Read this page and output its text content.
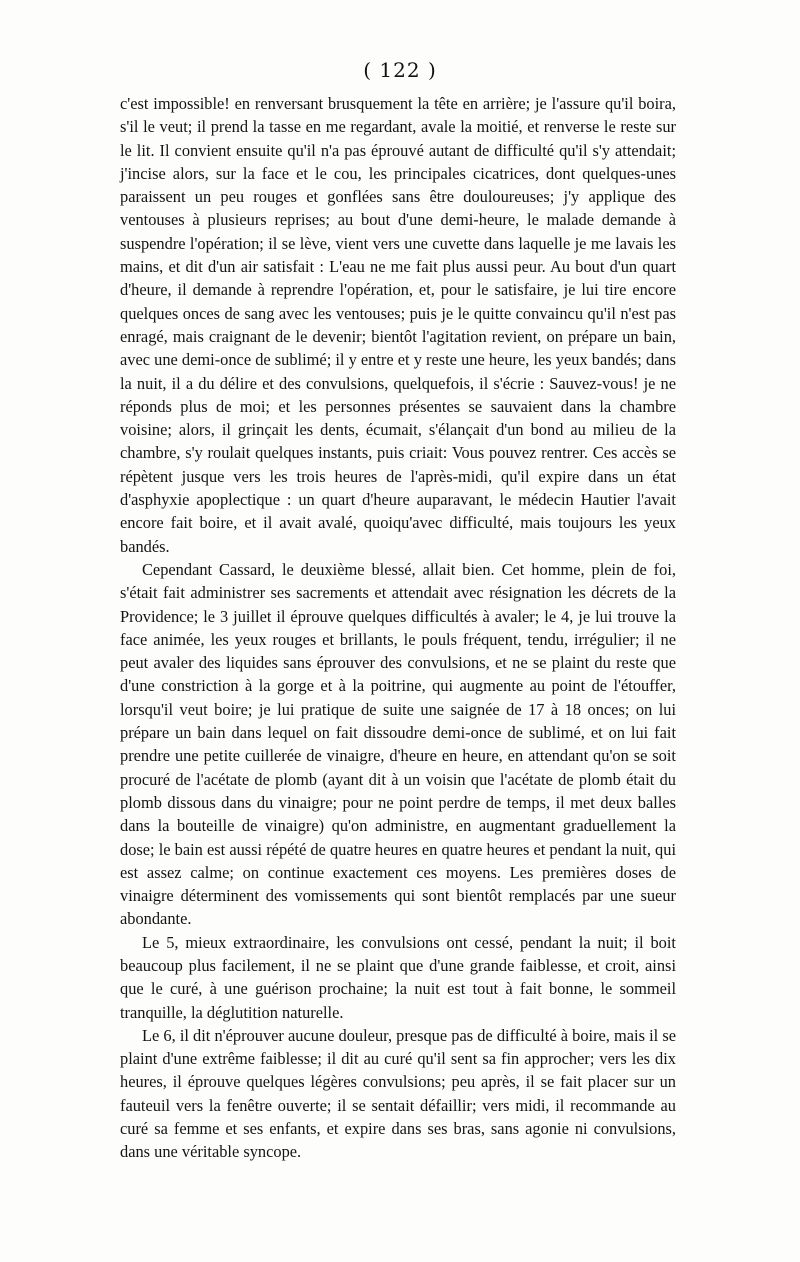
( 122 )

c'est impossible! en renversant brusquement la tête en arrière; je l'assure qu'il boira, s'il le veut; il prend la tasse en me regardant, avale la moitié, et renverse le reste sur le lit. Il convient ensuite qu'il n'a pas éprouvé autant de difficulté qu'il s'y attendait; j'incise alors, sur la face et le cou, les principales cicatrices, dont quelques-unes paraissent un peu rouges et gonflées sans être douloureuses; j'y applique des ventouses à plusieurs reprises; au bout d'une demi-heure, le malade demande à suspendre l'opération; il se lève, vient vers une cuvette dans laquelle je me lavais les mains, et dit d'un air satisfait : L'eau ne me fait plus aussi peur. Au bout d'un quart d'heure, il demande à reprendre l'opération, et, pour le satisfaire, je lui tire encore quelques onces de sang avec les ventouses; puis je le quitte convaincu qu'il n'est pas enragé, mais craignant de le devenir; bientôt l'agitation revient, on prépare un bain, avec une demi-once de sublimé; il y entre et y reste une heure, les yeux bandés; dans la nuit, il a du délire et des convulsions, quelquefois, il s'écrie : Sauvez-vous! je ne réponds plus de moi; et les personnes présentes se sauvaient dans la chambre voisine; alors, il grinçait les dents, écumait, s'élançait d'un bond au milieu de la chambre, s'y roulait quelques instants, puis criait: Vous pouvez rentrer. Ces accès se répètent jusque vers les trois heures de l'après-midi, qu'il expire dans un état d'asphyxie apoplectique : un quart d'heure auparavant, le médecin Hautier l'avait encore fait boire, et il avait avalé, quoiqu'avec difficulté, mais toujours les yeux bandés.

Cependant Cassard, le deuxième blessé, allait bien. Cet homme, plein de foi, s'était fait administrer ses sacrements et attendait avec résignation les décrets de la Providence; le 3 juillet il éprouve quelques difficultés à avaler; le 4, je lui trouve la face animée, les yeux rouges et brillants, le pouls fréquent, tendu, irrégulier; il ne peut avaler des liquides sans éprouver des convulsions, et ne se plaint du reste que d'une constriction à la gorge et à la poitrine, qui augmente au point de l'étouffer, lorsqu'il veut boire; je lui pratique de suite une saignée de 17 à 18 onces; on lui prépare un bain dans lequel on fait dissoudre demi-once de sublimé, et on lui fait prendre une petite cuillerée de vinaigre, d'heure en heure, en attendant qu'on se soit procuré de l'acétate de plomb (ayant dit à un voisin que l'acétate de plomb était du plomb dissous dans du vinaigre; pour ne point perdre de temps, il met deux balles dans la bouteille de vinaigre) qu'on administre, en augmentant graduellement la dose; le bain est aussi répété de quatre heures en quatre heures et pendant la nuit, qui est assez calme; on continue exactement ces moyens. Les premières doses de vinaigre déterminent des vomissements qui sont bientôt remplacés par une sueur abondante.

Le 5, mieux extraordinaire, les convulsions ont cessé, pendant la nuit; il boit beaucoup plus facilement, il ne se plaint que d'une grande faiblesse, et croit, ainsi que le curé, à une guérison prochaine; la nuit est tout à fait bonne, le sommeil tranquille, la déglutition naturelle.

Le 6, il dit n'éprouver aucune douleur, presque pas de difficulté à boire, mais il se plaint d'une extrême faiblesse; il dit au curé qu'il sent sa fin approcher; vers les dix heures, il éprouve quelques légères convulsions; peu après, il se fait placer sur un fauteuil vers la fenêtre ouverte; il se sentait défaillir; vers midi, il recommande au curé sa femme et ses enfants, et expire dans ses bras, sans agonie ni convulsions, dans une véritable syncope.
